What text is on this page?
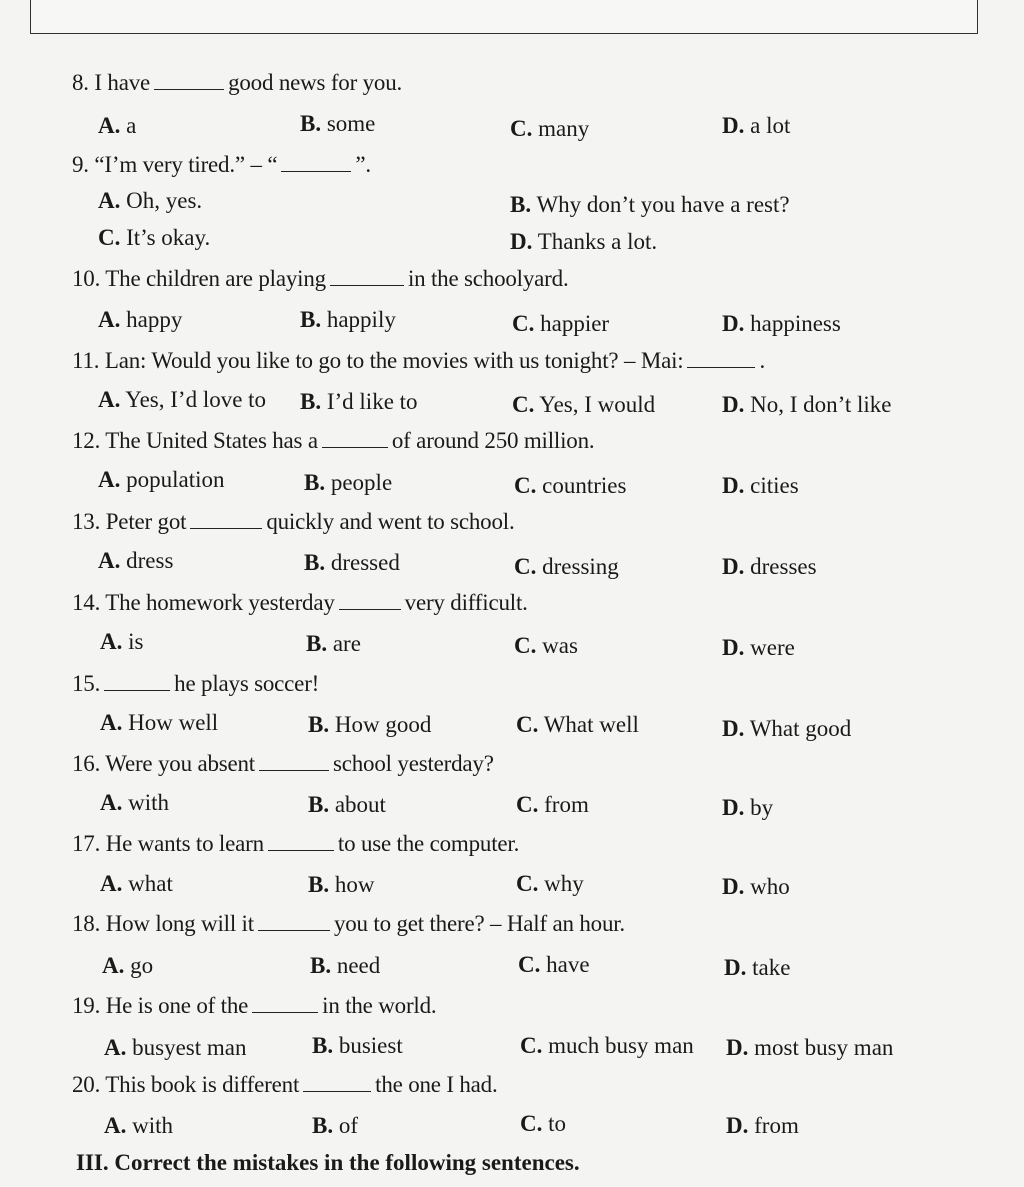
8. I have	good news for you.
A. a	B. some	C. many	D. a lot
9. “I’m very tired.” – “	”.
A. Oh, yes.	B. Why don’t you have a rest?
C. It’s okay.	D. Thanks a lot.
10. The children are playing	in the schoolyard.
A. happy	B. happily	C. happier	D. happiness
11. Lan: Would you like to go to the movies with us tonight? – Mai:	.
A. Yes, I’d love to B. I’d like to	C. Yes, I would	D. No, I don’t like
12. The United States has a	of around 250 million.
A. population	B. people	C. countries	D. cities
13. Peter got	quickly and went to school.
A. dress	B. dressed	C. dressing	D. dresses
14. The homework yesterday	very difficult.
A. is	B. are	C. was	D. were
15.	he plays soccer!
A. How well	B. How good	C. What well	D. What good
16. Were you absent	school yesterday?
A. with	B. about	C. from	D. by
17. He wants to learn	to use the computer.
A. what	B. how	C. why	D. who
18. How long will it	you to get there? – Half an hour.
A. go	B. need	C. have	D. take
19. He is one of the	in the world.
A. busyest man	B. busiest	C. much busy man D. most busy man
20. This book is different	the one I had.
A. with	B. of	C. to	D. from
III. Correct the mistakes in the following sentences.
